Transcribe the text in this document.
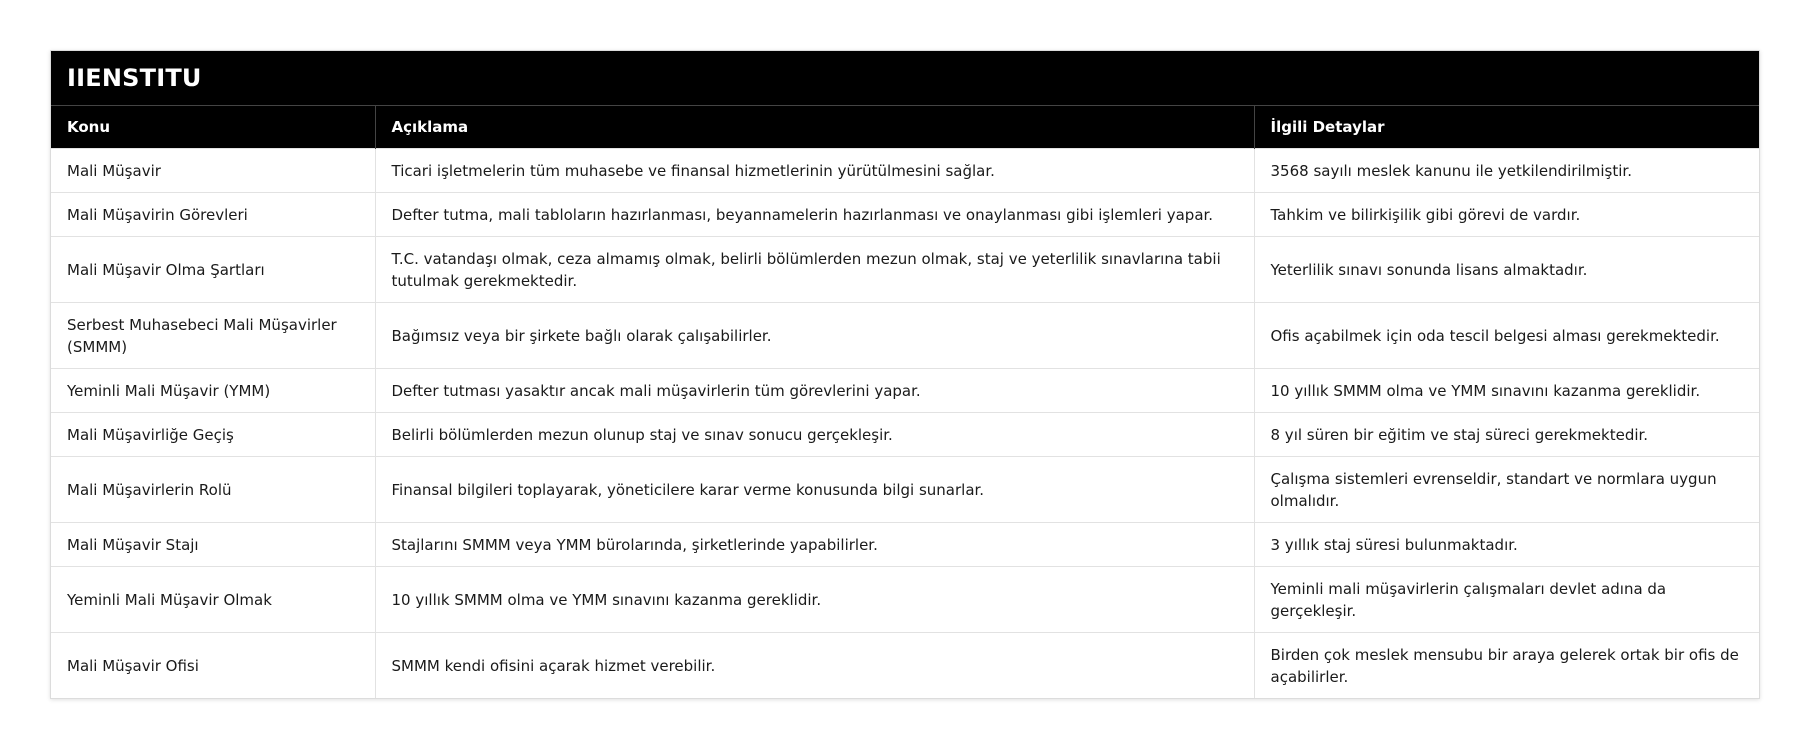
IIENSTITU
Konu	Açıklama	İlgili Detaylar
Mali Müşavir	Ticari işletmelerin tüm muhasebe ve finansal hizmetlerinin yürütülmesini sağlar.	3568 sayılı meslek kanunu ile yetkilendirilmiştir.
Mali Müşavirin Görevleri	Defter tutma, mali tabloların hazırlanması, beyannamelerin hazırlanması ve onaylanması gibi işlemleri yapar.	Tahkim ve bilirkişilik gibi görevi de vardır.
Mali Müşavir Olma Şartları	T.C. vatandaşı olmak, ceza almamış olmak, belirli bölümlerden mezun olmak, staj ve yeterlilik sınavlarına tabii tutulmak gerekmektedir.	Yeterlilik sınavı sonunda lisans almaktadır.
Serbest Muhasebeci Mali Müşavirler (SMMM)	Bağımsız veya bir şirkete bağlı olarak çalışabilirler.	Ofis açabilmek için oda tescil belgesi alması gerekmektedir.
Yeminli Mali Müşavir (YMM)	Defter tutması yasaktır ancak mali müşavirlerin tüm görevlerini yapar.	10 yıllık SMMM olma ve YMM sınavını kazanma gereklidir.
Mali Müşavirliğe Geçiş	Belirli bölümlerden mezun olunup staj ve sınav sonucu gerçekleşir.	8 yıl süren bir eğitim ve staj süreci gerekmektedir.
Mali Müşavirlerin Rolü	Finansal bilgileri toplayarak, yöneticilere karar verme konusunda bilgi sunarlar.	Çalışma sistemleri evrenseldir, standart ve normlara uygun olmalıdır.
Mali Müşavir Stajı	Stajlarını SMMM veya YMM bürolarında, şirketlerinde yapabilirler.	3 yıllık staj süresi bulunmaktadır.
Yeminli Mali Müşavir Olmak	10 yıllık SMMM olma ve YMM sınavını kazanma gereklidir.	Yeminli mali müşavirlerin çalışmaları devlet adına da gerçekleşir.
Mali Müşavir Ofisi	SMMM kendi ofisini açarak hizmet verebilir.	Birden çok meslek mensubu bir araya gelerek ortak bir ofis de açabilirler.
